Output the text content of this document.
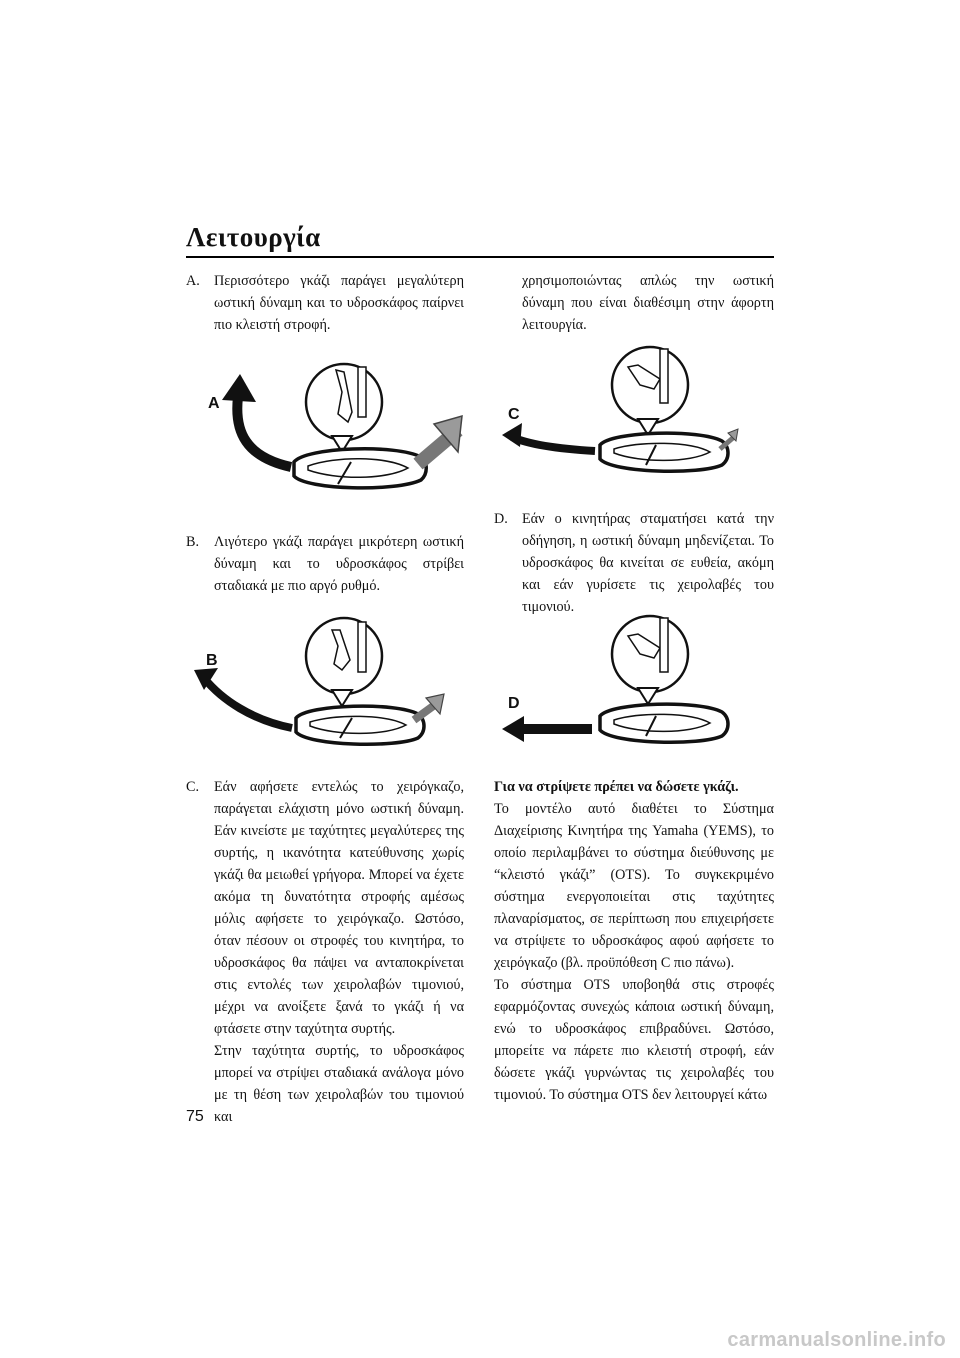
Λειτουργία
A.	Περισσότερο γκάζι παράγει μεγαλύτερη ωστική δύναμη και το υδροσκάφος παίρνει πιο κλειστή στροφή.
χρησιμοποιώντας απλώς την ωστική δύναμη που είναι διαθέσιμη στην άφορτη λειτουργία.
A
C
B.	Λιγότερο γκάζι παράγει μικρότερη ωστική δύναμη και το υδροσκάφος στρίβει σταδιακά με πιο αργό ρυθμό.
D.	Εάν ο κινητήρας σταματήσει κατά την οδήγηση, η ωστική δύναμη μηδενίζεται. Το υδροσκάφος θα κινείται σε ευθεία, ακόμη και εάν γυρίσετε τις χειρολαβές του τιμονιού.
B
D
C.	Εάν αφήσετε εντελώς το χειρόγκαζο, παράγεται ελάχιστη μόνο ωστική δύναμη. Εάν κινείστε με ταχύτητες μεγαλύτερες της συρτής, η ικανότητα κατεύθυνσης χωρίς γκάζι θα μειωθεί γρήγορα. Μπορεί να έχετε ακόμα τη δυνατότητα στροφής αμέσως μόλις αφήσετε το χειρόγκαζο. Ωστόσο, όταν πέσουν οι στροφές του κινητήρα, το υδροσκάφος θα πάψει να ανταποκρίνεται στις εντολές των χειρολαβών τιμονιού, μέχρι να ανοίξετε ξανά το γκάζι ή να φτάσετε στην ταχύτητα συρτής.
Στην ταχύτητα συρτής, το υδροσκάφος μπορεί να στρίψει σταδιακά ανάλογα μόνο με τη θέση των χειρολαβών του τιμονιού και
Για να στρίψετε πρέπει να δώσετε γκάζι.
Το μοντέλο αυτό διαθέτει το Σύστημα Διαχείρισης Κινητήρα της Yamaha (YEMS), το οποίο περιλαμβάνει το σύστημα διεύθυνσης με “κλειστό γκάζι” (OTS). Το συγκεκριμένο σύστημα ενεργοποιείται στις ταχύτητες πλαναρίσματος, σε περίπτωση που επιχειρήσετε να στρίψετε το υδροσκάφος αφού αφήσετε το χειρόγκαζο (βλ. προϋπόθεση C πιο πάνω).
Το σύστημα OTS υποβοηθά στις στροφές εφαρμόζοντας συνεχώς κάποια ωστική δύναμη, ενώ το υδροσκάφος επιβραδύνει. Ωστόσο, μπορείτε να πάρετε πιο κλειστή στροφή, εάν δώσετε γκάζι γυρνώντας τις χειρολαβές του τιμονιού. Το σύστημα OTS δεν λειτουργεί κάτω
75
carmanualsonline.info
